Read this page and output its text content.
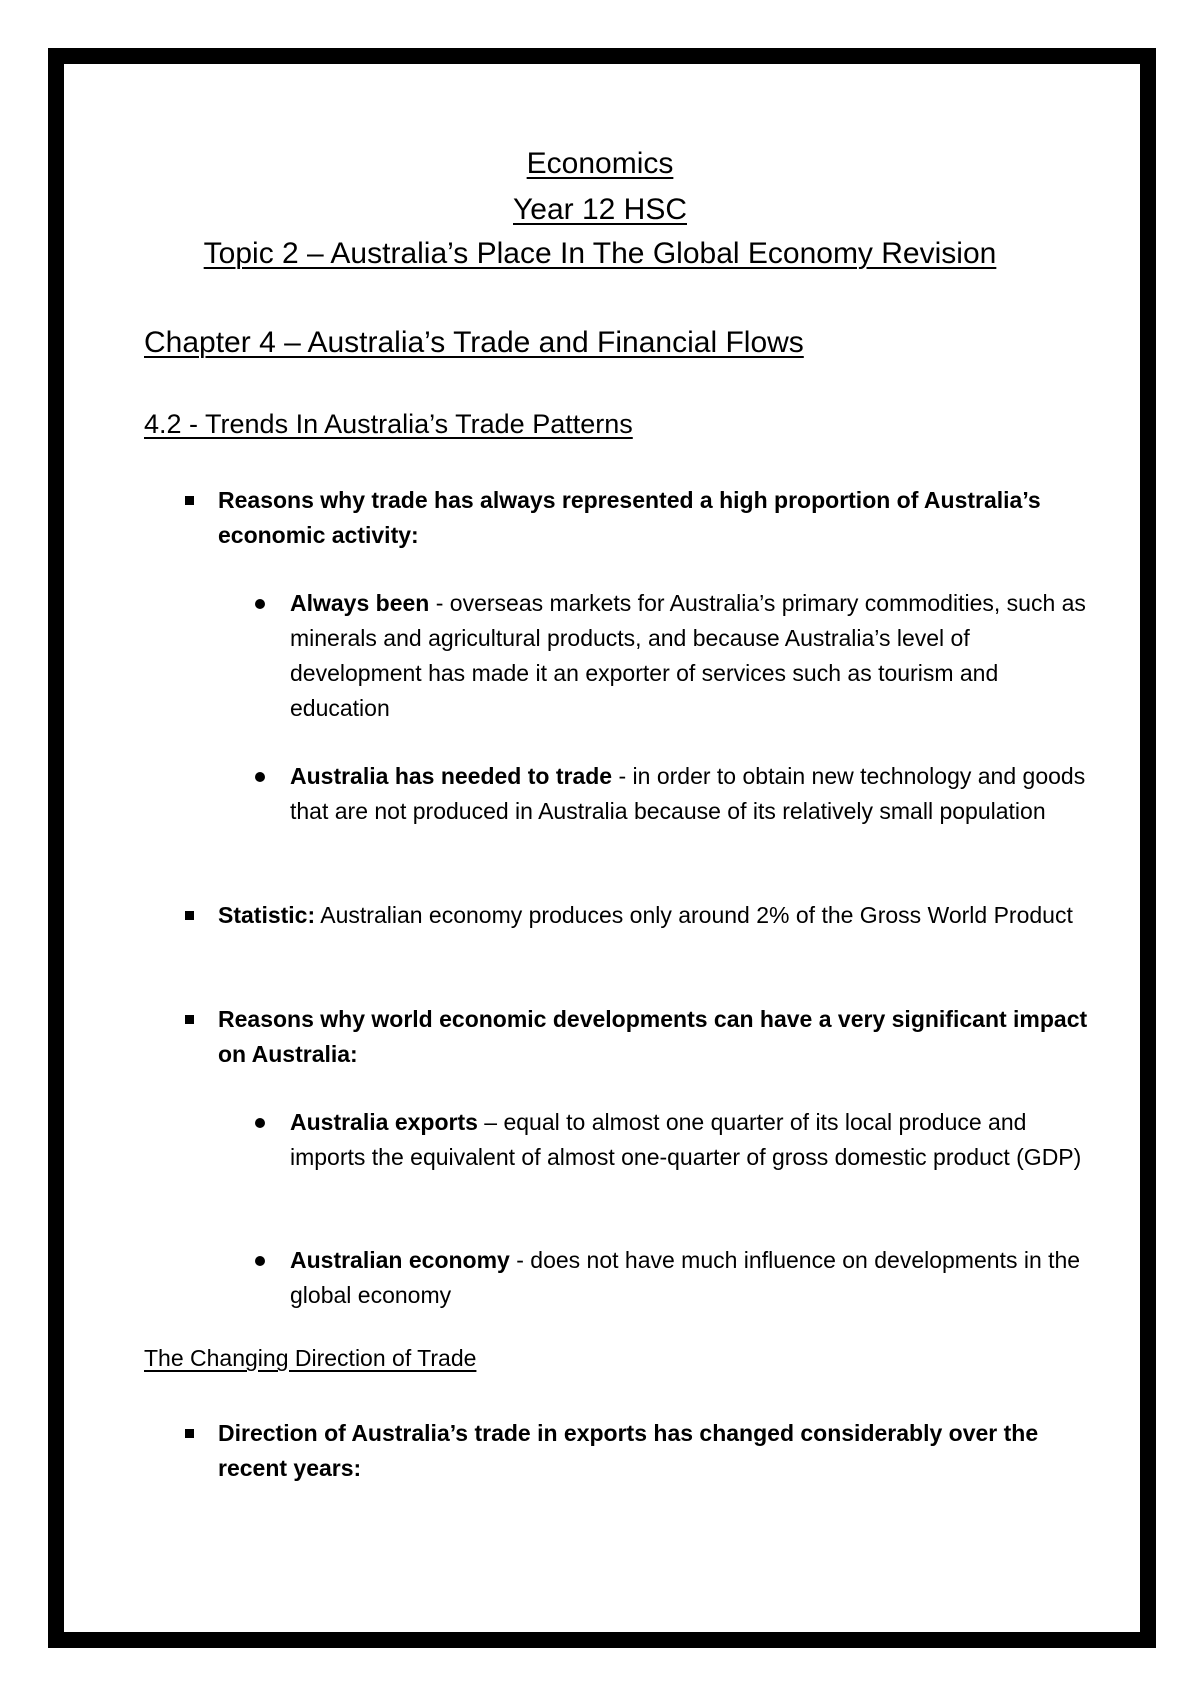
Economics
Year 12 HSC
Topic 2 – Australia’s Place In The Global Economy Revision
Chapter 4 – Australia’s Trade and Financial Flows
4.2 - Trends In Australia’s Trade Patterns
Reasons why trade has always represented a high proportion of Australia’s economic activity:
Always been - overseas markets for Australia’s primary commodities, such as minerals and agricultural products, and because Australia’s level of development has made it an exporter of services such as tourism and education
Australia has needed to trade - in order to obtain new technology and goods that are not produced in Australia because of its relatively small population
Statistic: Australian economy produces only around 2% of the Gross World Product
Reasons why world economic developments can have a very significant impact on Australia:
Australia exports – equal to almost one quarter of its local produce and imports the equivalent of almost one-quarter of gross domestic product (GDP)
Australian economy - does not have much influence on developments in the global economy
The Changing Direction of Trade
Direction of Australia’s trade in exports has changed considerably over the recent years:
